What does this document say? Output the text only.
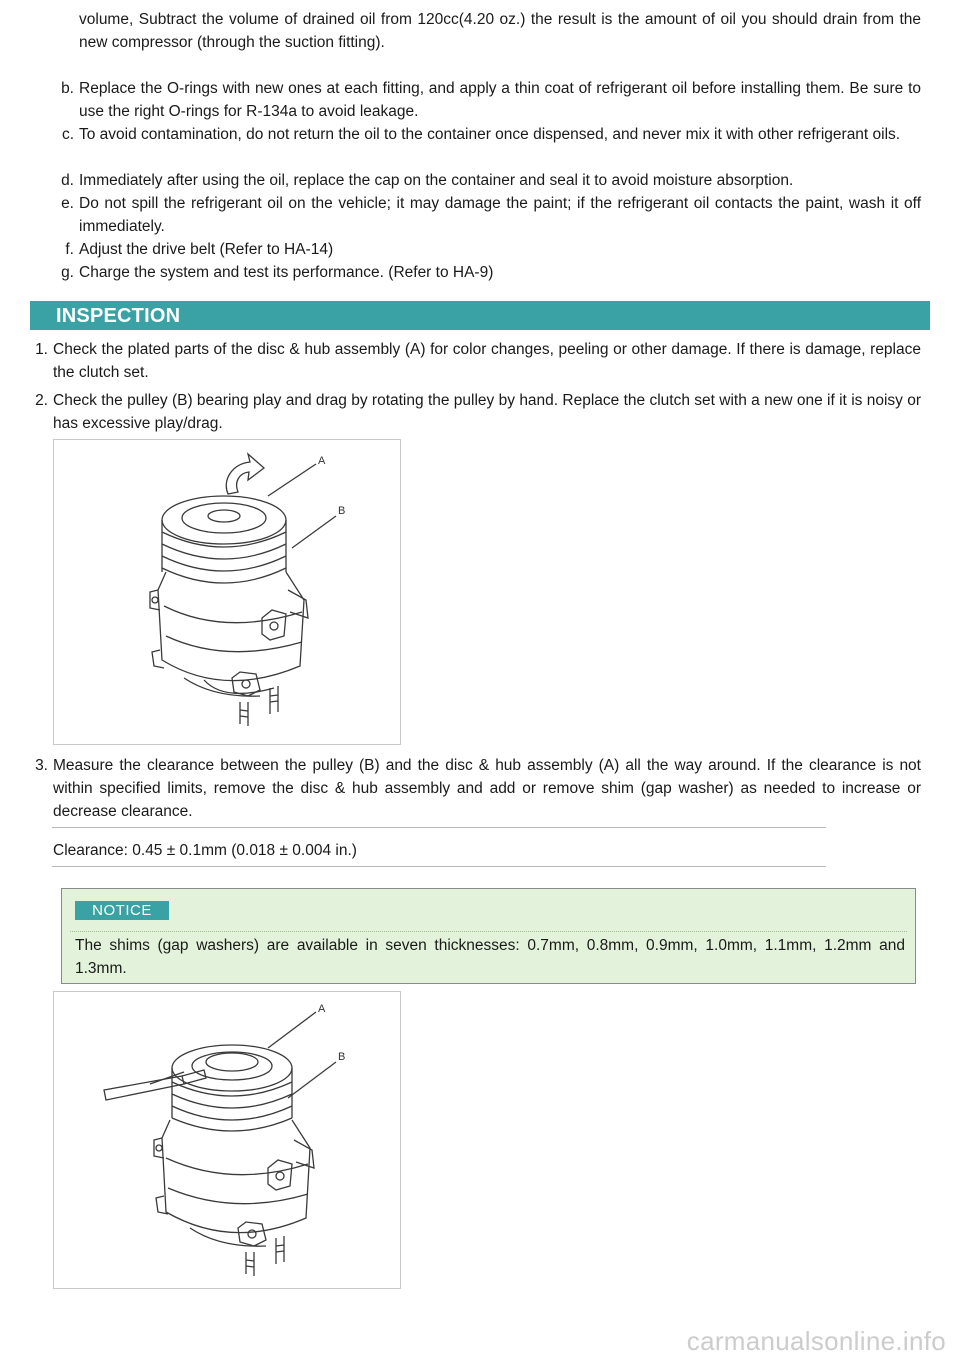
volume, Subtract the volume of drained oil from 120cc(4.20 oz.) the result is the amount of oil you should drain from the new compressor (through the suction fitting).
b. Replace the O-rings with new ones at each fitting, and apply a thin coat of refrigerant oil before installing them. Be sure to use the right O-rings for R-134a to avoid leakage.
c. To avoid contamination, do not return the oil to the container once dispensed, and never mix it with other refrigerant oils.
d. Immediately after using the oil, replace the cap on the container and seal it to avoid moisture absorption.
e. Do not spill the refrigerant oil on the vehicle; it may damage the paint; if the refrigerant oil contacts the paint, wash it off immediately.
f. Adjust the drive belt (Refer to HA-14)
g. Charge the system and test its performance. (Refer to HA-9)
INSPECTION
1. Check the plated parts of the disc & hub assembly (A) for color changes, peeling or other damage. If there is damage, replace the clutch set.
2. Check the pulley (B) bearing play and drag by rotating the pulley by hand. Replace the clutch set with a new one if it is noisy or has excessive play/drag.
A
B
3. Measure the clearance between the pulley (B) and the disc & hub assembly (A) all the way around. If the clearance is not within specified limits, remove the disc & hub assembly and add or remove shim (gap washer) as needed to increase or decrease clearance.
Clearance: 0.45 ± 0.1mm (0.018 ± 0.004 in.)
NOTICE
The shims (gap washers) are available in seven thicknesses: 0.7mm, 0.8mm, 0.9mm, 1.0mm, 1.1mm, 1.2mm and 1.3mm.
A
B
carmanualsonline.info
